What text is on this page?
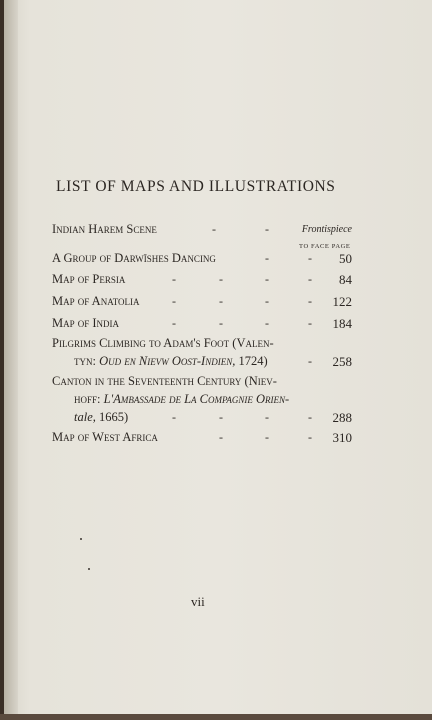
LIST OF MAPS AND ILLUSTRATIONS
Indian Harem Scene	-	-	Frontispiece
TO FACE PAGE
A Group of Darwīshes Dancing	-	- 50
Map of Persia	-	-	-	- 84
Map of Anatolia	-	-	-	- 122
Map of India	-	-	-	- 184
Pilgrims Climbing to Adam's Foot (Valen-
tyn: Oud en Nievw Oost-Indien, 1724)	- 258
Canton in the Seventeenth Century (Niev-
hoff: L'Ambassade de La Compagnie Orien-
tale, 1665)	-	-	-	- 288
Map of West Africa	-	-	- 310
vii
